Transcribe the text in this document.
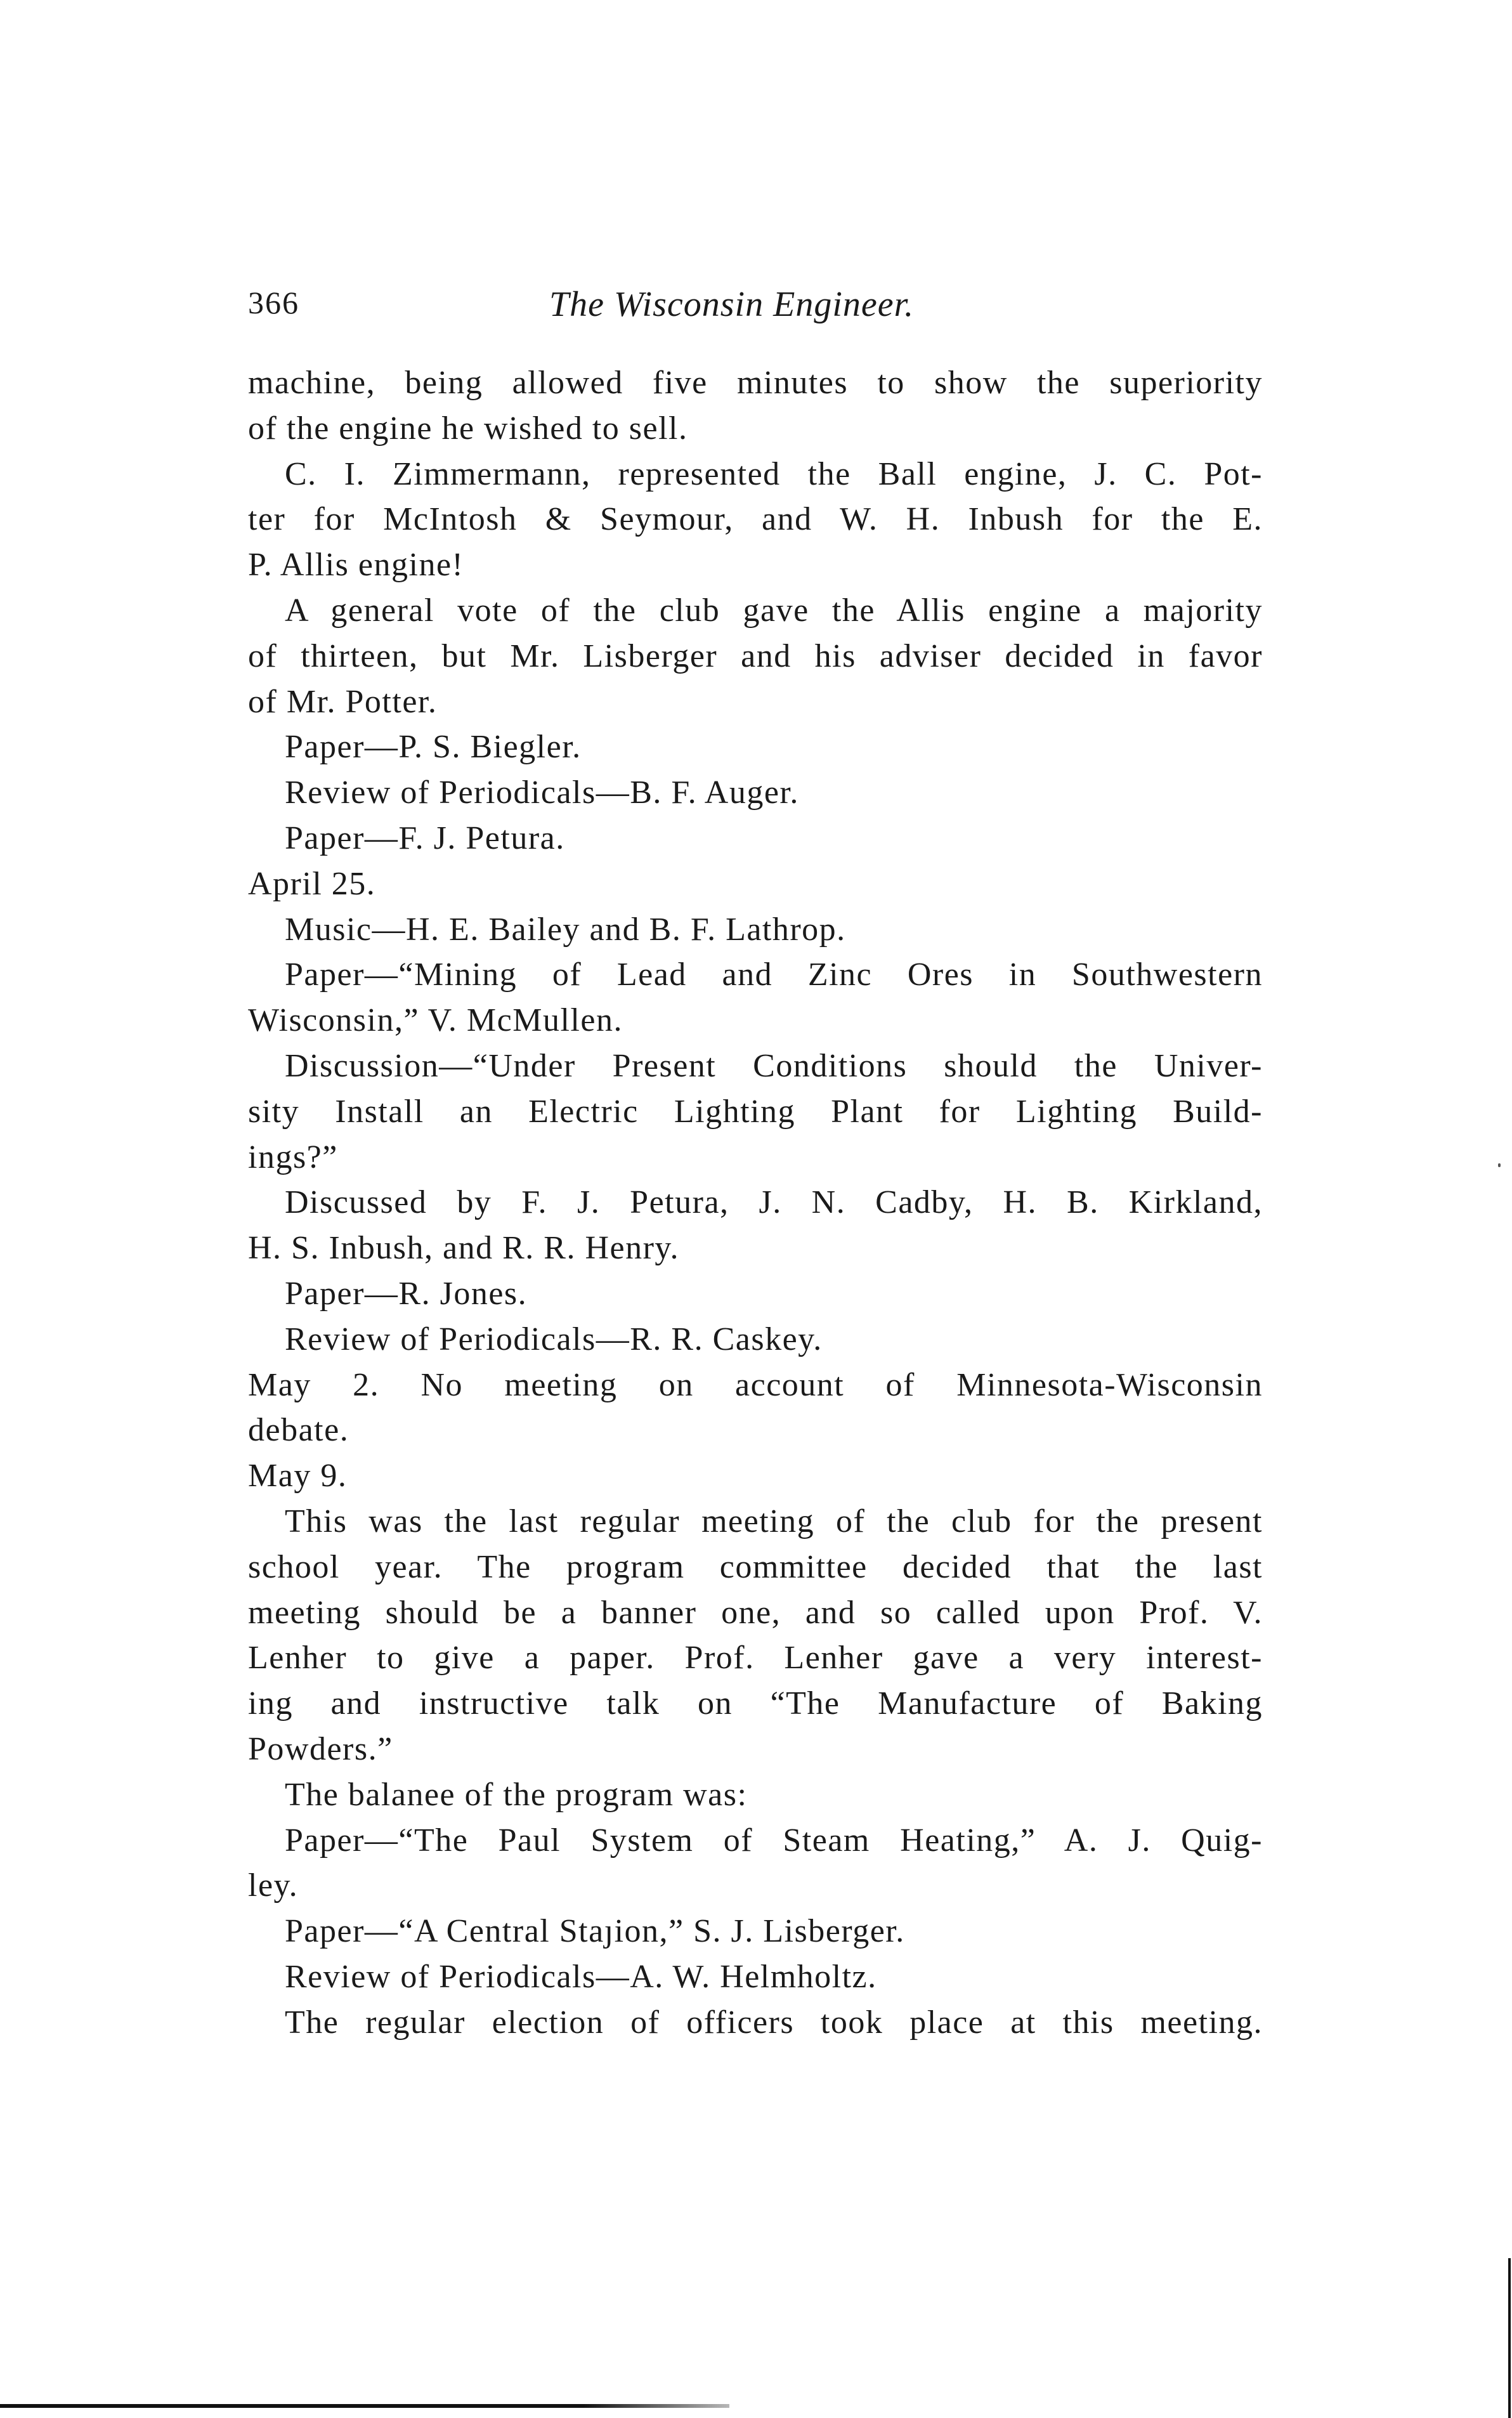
366	The Wisconsin Engineer.
machine, being allowed five minutes to show the superiority
of the engine he wished to sell.
C. I. Zimmermann, represented the Ball engine, J. C. Pot-
ter for McIntosh & Seymour, and W. H. Inbush for the E.
P. Allis engine!
A general vote of the club gave the Allis engine a majority
of thirteen, but Mr. Lisberger and his adviser decided in favor
of Mr. Potter.
Paper—P. S. Biegler.
Review of Periodicals—B. F. Auger.
Paper—F. J. Petura.
April 25.
Music—H. E. Bailey and B. F. Lathrop.
Paper—“Mining of Lead and Zinc Ores in Southwestern
Wisconsin,” V. McMullen.
Discussion—“Under Present Conditions should the Univer-
sity Install an Electric Lighting Plant for Lighting Build-
ings?”
Discussed by F. J. Petura, J. N. Cadby, H. B. Kirkland,
H. S. Inbush, and R. R. Henry.
Paper—R. Jones.
Review of Periodicals—R. R. Caskey.
May 2. No meeting on account of Minnesota-Wisconsin
debate.
May 9.
This was the last regular meeting of the club for the present
school year. The program committee decided that the last
meeting should be a banner one, and so called upon Prof. V.
Lenher to give a paper. Prof. Lenher gave a very interest-
ing and instructive talk on “The Manufacture of Baking
Powders.”
The balanee of the program was:
Paper—“The Paul System of Steam Heating,” A. J. Quig-
ley.
Paper—“A Central Staȷion,” S. J. Lisberger.
Review of Periodicals—A. W. Helmholtz.
The regular election of officers took place at this meeting.
